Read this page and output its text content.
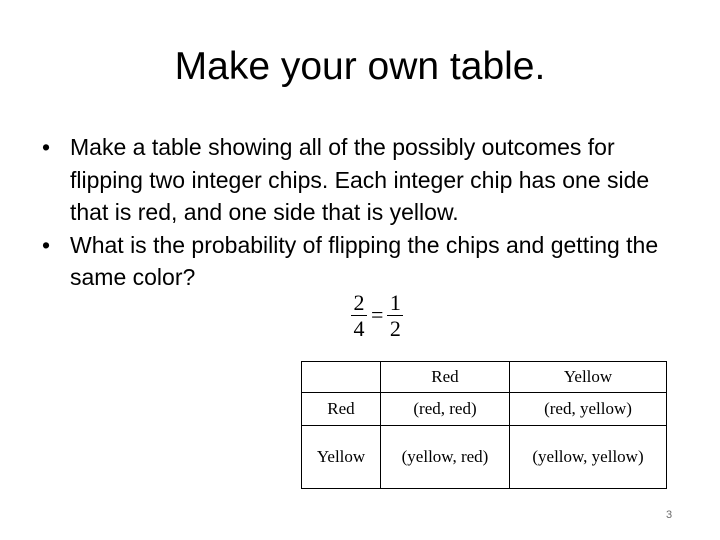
Make your own table.
• Make a table showing all of the possibly outcomes for flipping two integer chips. Each integer chip has one side that is red, and one side that is yellow.
• What is the probability of flipping the chips and getting the same color?
$\frac{2}{4} = \frac{1}{2}$
	Red	Yellow
Red	(red, red)	(red, yellow)
Yellow	(yellow, red)	(yellow, yellow)
3
